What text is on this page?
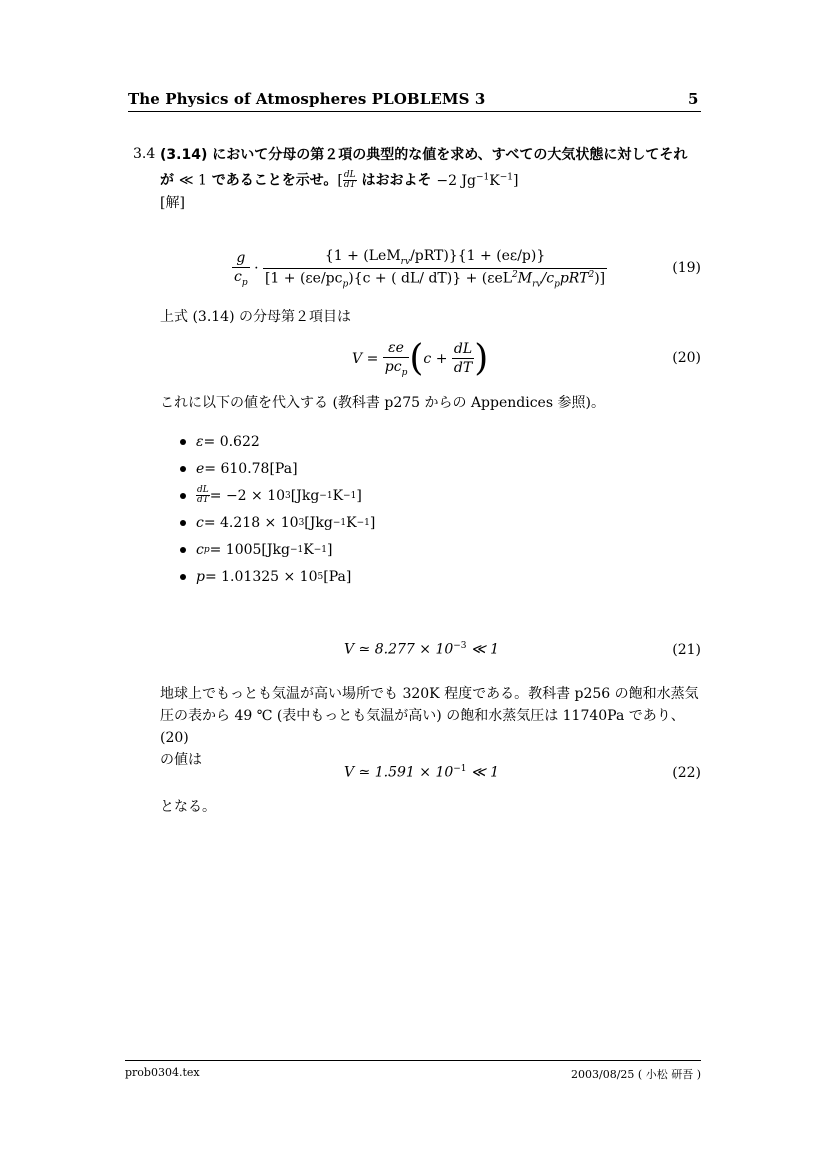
The Physics of Atmospheres PLOBLEMS 3	5
3.4 (3.14) において分母の第２項の典型的な値を求め、すべての大気状態に対してそれ
が ≪ 1 であることを示せ。[ $\frac{dL}{dT}$ はおおよそ −2 $Jg^{-1}K^{-1}$]
[解]
$\frac{g}{c_p} \cdot \frac{\{1 + (LeM_{rv}/pRT)\}\{1 + (e\varepsilon/p)\}}{[1 + (\varepsilon e/pc_p)\{c + ( dL/ dT)\} + (\varepsilon eL^2M_{rv}/c_ppRT^2)]}$	(19)
上式 (3.14) の分母第２項目は
$V = \frac{\varepsilon e}{pc_p} (c + \frac{dL}{dT}$ )	(20)
これに以下の値を代入する (教科書 p275 からの Appendices 参照)。
ε = 0.622
e = 610.78 [Pa]
$\frac{dL}{dT} = -2 \times 10$ 3 [Jkg −1 K −1 ]
c = 4.218 × 10 3 [Jkg −1 K −1 ]
c p = 1005 [Jkg −1 K −1 ]
p = 1.01325 × 10 5 [Pa]
V ≃ $8.277 \times 10^{-3}$ ≪ 1	(21)
地球上でもっとも気温が高い場所でも 320K 程度である。教科書 p256 の飽和水蒸気
圧の表から 49 ℃ (表中もっとも気温が高い) の飽和水蒸気圧は 11740Pa であり、(20)
の値は
V ≃ $1.591 \times 10^{-1}$ ≪ 1	(22)
となる。
prob0304.tex	2003/08/25 ( 小松 研吾 )
